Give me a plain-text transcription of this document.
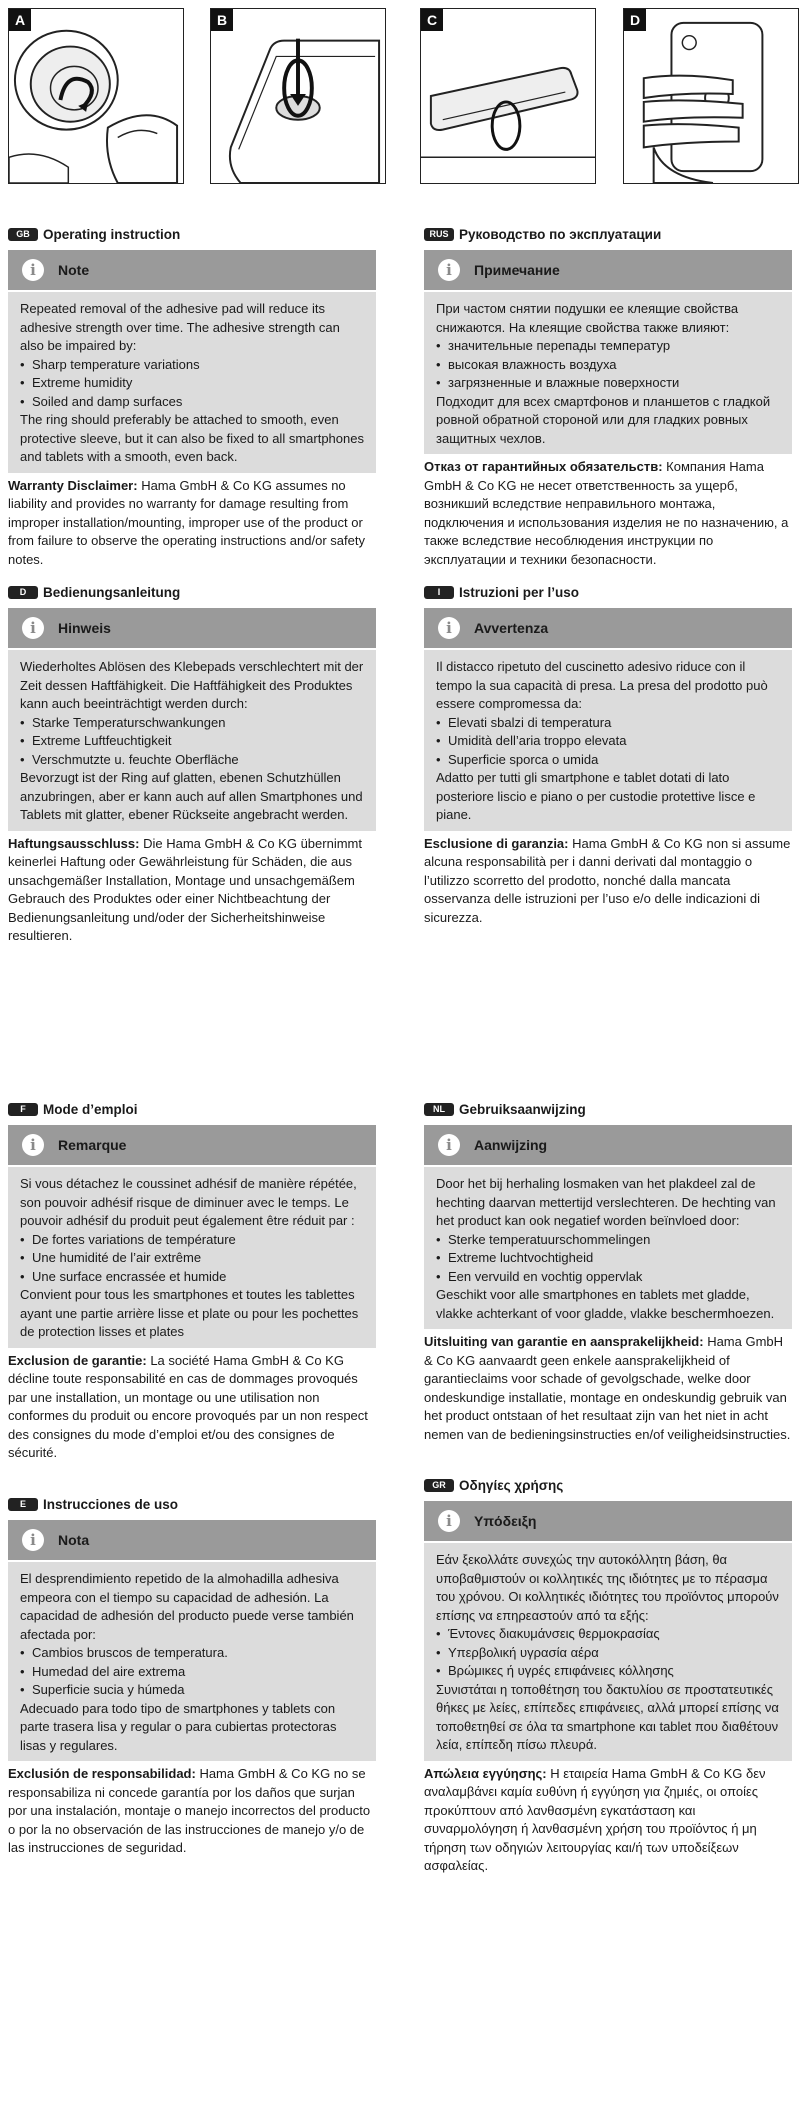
A	B	C	D
GB Operating instruction
i	Note

Repeated removal of the adhesive pad will reduce its adhesive strength over time. The adhesive strength can also be impaired by:

• Sharp temperature variations
• Extreme humidity
• Soiled and damp surfaces

The ring should preferably be attached to smooth, even protective sleeve, but it can also be fixed to all smartphones and tablets with a smooth, even back.

Warranty Disclaimer: Hama GmbH & Co KG assumes no liability and provides no warranty for damage resulting from improper installation/mounting, improper use of the product or from failure to observe the operating instructions and/or safety notes.
RUS Руководство по эксплуатации
i	Примечание

При частом снятии подушки ее клеящие свойства снижаются. На клеящие свойства также влияют:

• значительные перепады температур
• высокая влажность воздуха
• загрязненные и влажные поверхности

Подходит для всех смартфонов и планшетов с гладкой ровной обратной стороной или для гладких ровных защитных чехлов.

Отказ от гарантийных обязательств: Компания Hama GmbH & Co KG не несет ответственность за ущерб, возникший вследствие неправильного монтажа, подключения и использования изделия не по назначению, а также вследствие несоблюдения инструкции по эксплуатации и техники безопасности.
D	Bedienungsanleitung
i	Hinweis

Wiederholtes Ablösen des Klebepads verschlechtert mit der Zeit dessen Haftfähigkeit. Die Haftfähigkeit des Produktes kann auch beeinträchtigt werden durch:

• Starke Temperaturschwankungen
• Extreme Luftfeuchtigkeit
• Verschmutzte u. feuchte Oberfläche

Bevorzugt ist der Ring auf glatten, ebenen Schutzhüllen anzubringen, aber er kann auch auf allen Smartphones und Tablets mit glatter, ebener Rückseite angebracht werden.

Haftungsausschluss: Die Hama GmbH & Co KG übernimmt keinerlei Haftung oder Gewährleistung für Schäden, die aus unsachgemäßer Installation, Montage und unsachgemäßem Gebrauch des Produktes oder einer Nichtbeachtung der Bedienungsanleitung und/oder der Sicherheitshinweise resultieren.
I	Istruzioni per l’uso
i	Avvertenza

Il distacco ripetuto del cuscinetto adesivo riduce con il tempo la sua capacità di presa. La presa del prodotto può essere compromessa da:

• Elevati sbalzi di temperatura
• Umidità dell’aria troppo elevata
• Superficie sporca o umida

Adatto per tutti gli smartphone e tablet dotati di lato posteriore liscio e piano o per custodie protettive lisce e piane.

Esclusione di garanzia: Hama GmbH & Co KG non si assume alcuna responsabilità per i danni derivati dal montaggio o l’utilizzo scorretto del prodotto, nonché dalla mancata osservanza delle istruzioni per l’uso e/o delle indicazioni di sicurezza.
F	Mode d’emploi
i	Remarque

Si vous détachez le coussinet adhésif de manière répétée, son pouvoir adhésif risque de diminuer avec le temps. Le pouvoir adhésif du produit peut également être réduit par :

• De fortes variations de température
• Une humidité de l’air extrême
• Une surface encrassée et humide

Convient pour tous les smartphones et toutes les tablettes ayant une partie arrière lisse et plate ou pour les pochettes de protection lisses et plates

Exclusion de garantie: La société Hama GmbH & Co KG décline toute responsabilité en cas de dommages provoqués par une installation, un montage ou une utilisation non conformes du produit ou encore provoqués par un non respect des consignes du mode d’emploi et/ou des consignes de sécurité.
NL	Gebruiksaanwijzing
i	Aanwijzing

Door het bij herhaling losmaken van het plakdeel zal de hechting daarvan mettertijd verslechteren. De hechting van het product kan ook negatief worden beïnvloed door:

• Sterke temperatuurschommelingen
• Extreme luchtvochtigheid
• Een vervuild en vochtig oppervlak

Geschikt voor alle smartphones en tablets met gladde, vlakke achterkant of voor gladde, vlakke beschermhoezen.

Uitsluiting van garantie en aansprakelijkheid: Hama GmbH & Co KG aanvaardt geen enkele aansprakelijkheid of garantieclaims voor schade of gevolgschade, welke door ondeskundige installatie, montage en ondeskundig gebruik van het product ontstaan of het resultaat zijn van het niet in acht nemen van de bedieningsinstructies en/of veiligheidsinstructies.
E	Instrucciones de uso
i	Nota

El desprendimiento repetido de la almohadilla adhesiva empeora con el tiempo su capacidad de adhesión. La capacidad de adhesión del producto puede verse también afectada por:

• Cambios bruscos de temperatura.
• Humedad del aire extrema
• Superficie sucia y húmeda

Adecuado para todo tipo de smartphones y tablets con parte trasera lisa y regular o para cubiertas protectoras lisas y regulares.

Exclusión de responsabilidad: Hama GmbH & Co KG no se responsabiliza ni concede garantía por los daños que surjan por una instalación, montaje o manejo incorrectos del producto o por la no observación de las instrucciones de manejo y/o de las instrucciones de seguridad.
GR Οδηγίες χρήσης
i	Υπόδειξη

Εάν ξεκολλάτε συνεχώς την αυτοκόλλητη βάση, θα υποβαθμιστούν οι κολλητικές της ιδιότητες με το πέρασμα του χρόνου. Οι κολλητικές ιδιότητες του προϊόντος μπορούν επίσης να επηρεαστούν από τα εξής:

• Έντονες διακυμάνσεις θερμοκρασίας
• Υπερβολική υγρασία αέρα
• Βρώμικες ή υγρές επιφάνειες κόλλησης

Συνιστάται η τοποθέτηση του δακτυλίου σε προστατευτικές θήκες με λείες, επίπεδες επιφάνειες, αλλά μπορεί επίσης να τοποθετηθεί σε όλα τα smartphone και tablet που διαθέτουν λεία, επίπεδη πίσω πλευρά.

Απώλεια εγγύησης: Η εταιρεία Hama GmbH & Co KG δεν αναλαμβάνει καμία ευθύνη ή εγγύηση για ζημιές, οι οποίες προκύπτουν από λανθασμένη εγκατάσταση και συναρμολόγηση ή λανθασμένη χρήση του προϊόντος ή μη τήρηση των οδηγιών λειτουργίας και/ή των υποδείξεων ασφαλείας.
